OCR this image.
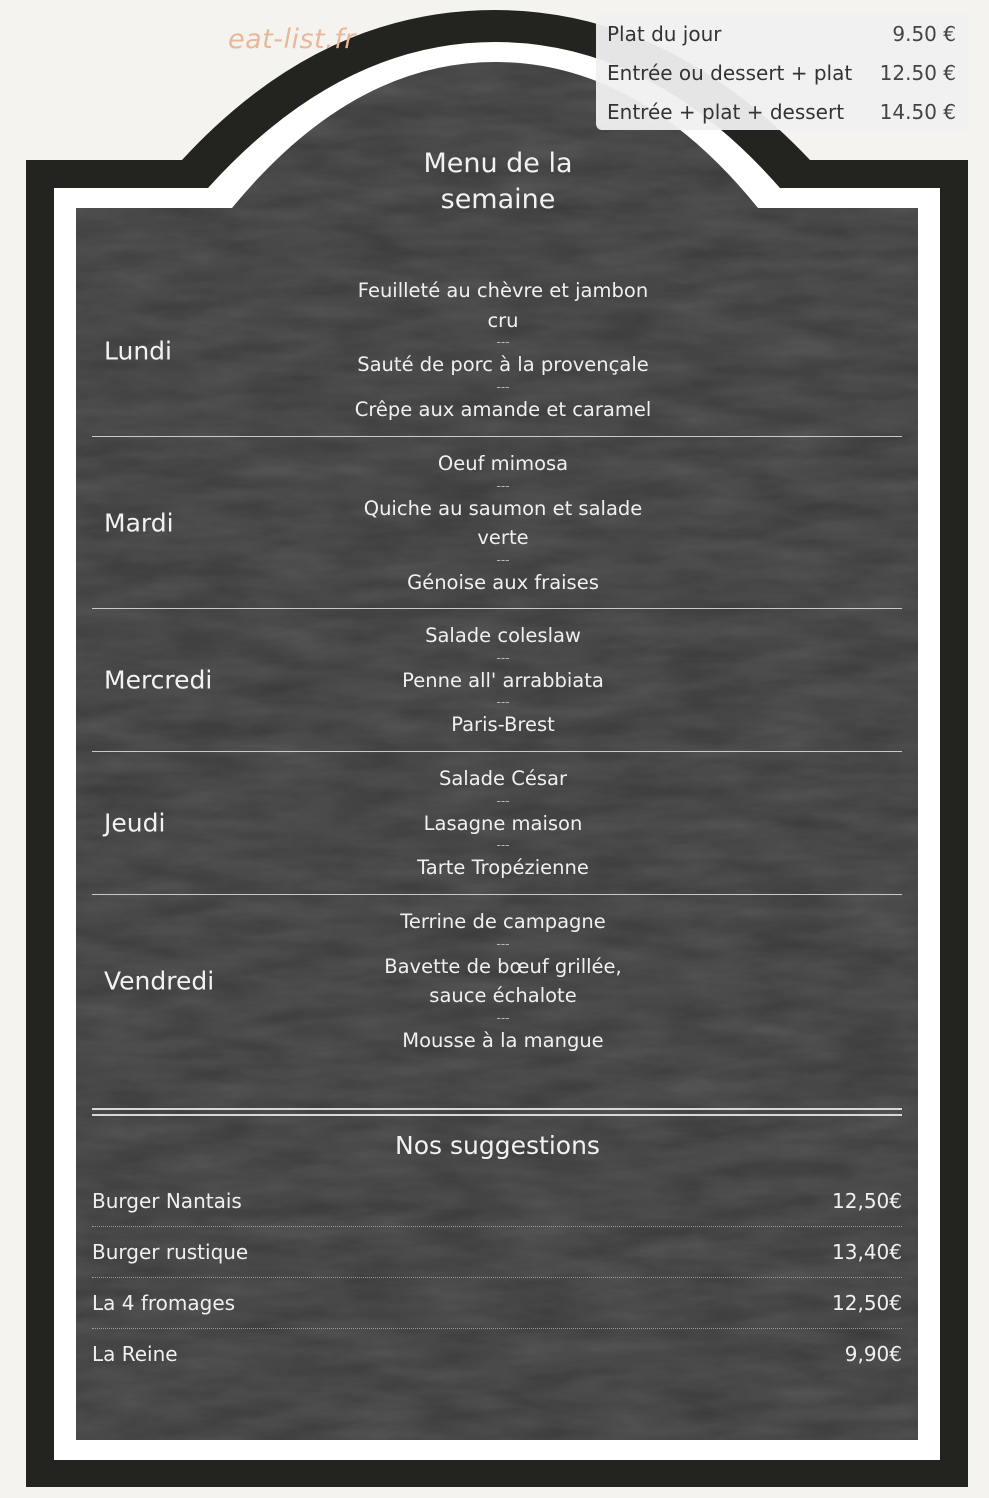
eat-list.fr	Plat du jour	9.50 €
Entrée ou dessert + plat 12.50 €
Entrée + plat + dessert 14.50 €
Menu de la
semaine
Lundi
Feuilleté au chèvre et jambon cru
---
Sauté de porc à la provençale
---
Crêpe aux amande et caramel
Mardi
Oeuf mimosa
---
Quiche au saumon et salade verte
---
Génoise aux fraises
Mercredi
Salade coleslaw
---
Penne all' arrabbiata
---
Paris-Brest
Jeudi
Salade César
---
Lasagne maison
---
Tarte Tropézienne
Vendredi
Terrine de campagne
---
Bavette de bœuf grillée, sauce échalote
---
Mousse à la mangue
Nos suggestions
Burger Nantais	12,50€
Burger rustique	13,40€
La 4 fromages	12,50€
La Reine	9,90€
